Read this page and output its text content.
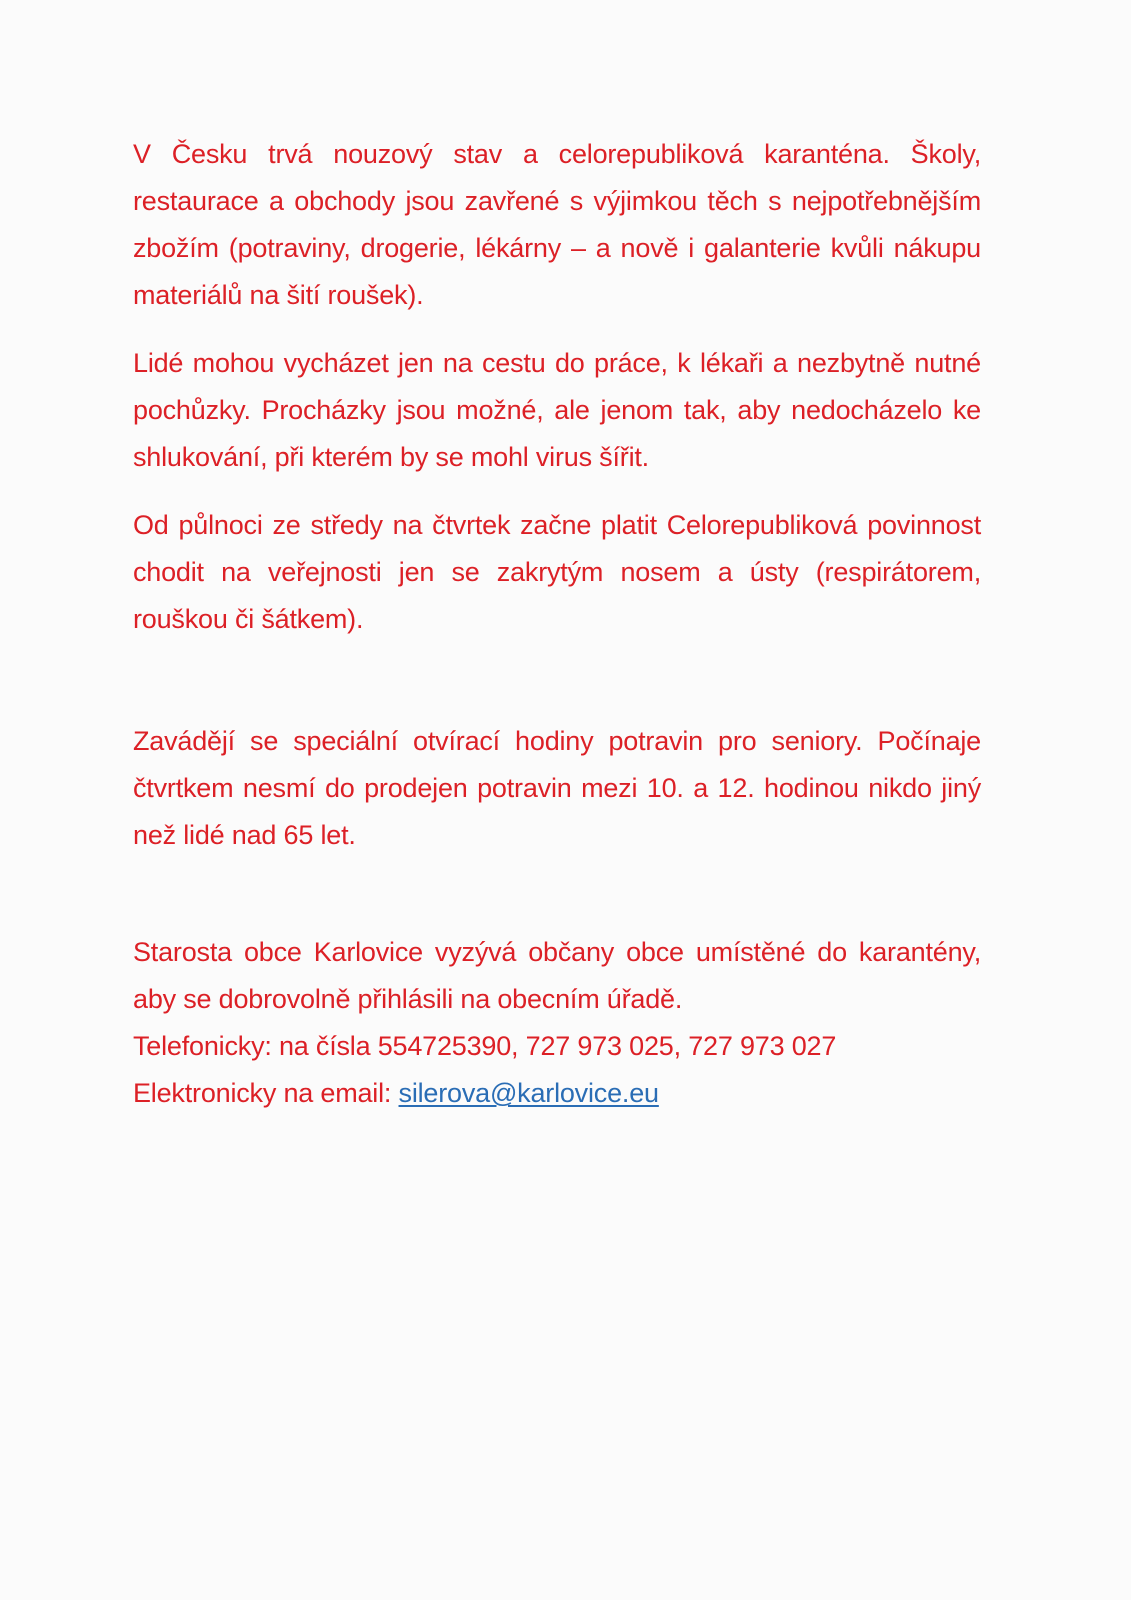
V Česku trvá nouzový stav a celorepubliková karanténa. Školy, restaurace a obchody jsou zavřené s výjimkou těch s nejpotřebnějším zbožím (potraviny, drogerie, lékárny – a nově i galanterie kvůli nákupu materiálů na šití roušek).

Lidé mohou vycházet jen na cestu do práce, k lékaři a nezbytně nutné pochůzky. Procházky jsou možné, ale jenom tak, aby nedocházelo ke shlukování, při kterém by se mohl virus šířit.

Od půlnoci ze středy na čtvrtek začne platit Celorepubliková povinnost chodit na veřejnosti jen se zakrytým nosem a ústy (respirátorem, rouškou či šátkem).

Zavádějí se speciální otvírací hodiny potravin pro seniory. Počínaje čtvrtkem nesmí do prodejen potravin mezi 10. a 12. hodinou nikdo jiný než lidé nad 65 let.

Starosta obce Karlovice vyzývá občany obce umístěné do karantény, aby se dobrovolně přihlásili na obecním úřadě.
Telefonicky: na čísla 554725390, 727 973 025, 727 973 027
Elektronicky na email: silerova@karlovice.eu
